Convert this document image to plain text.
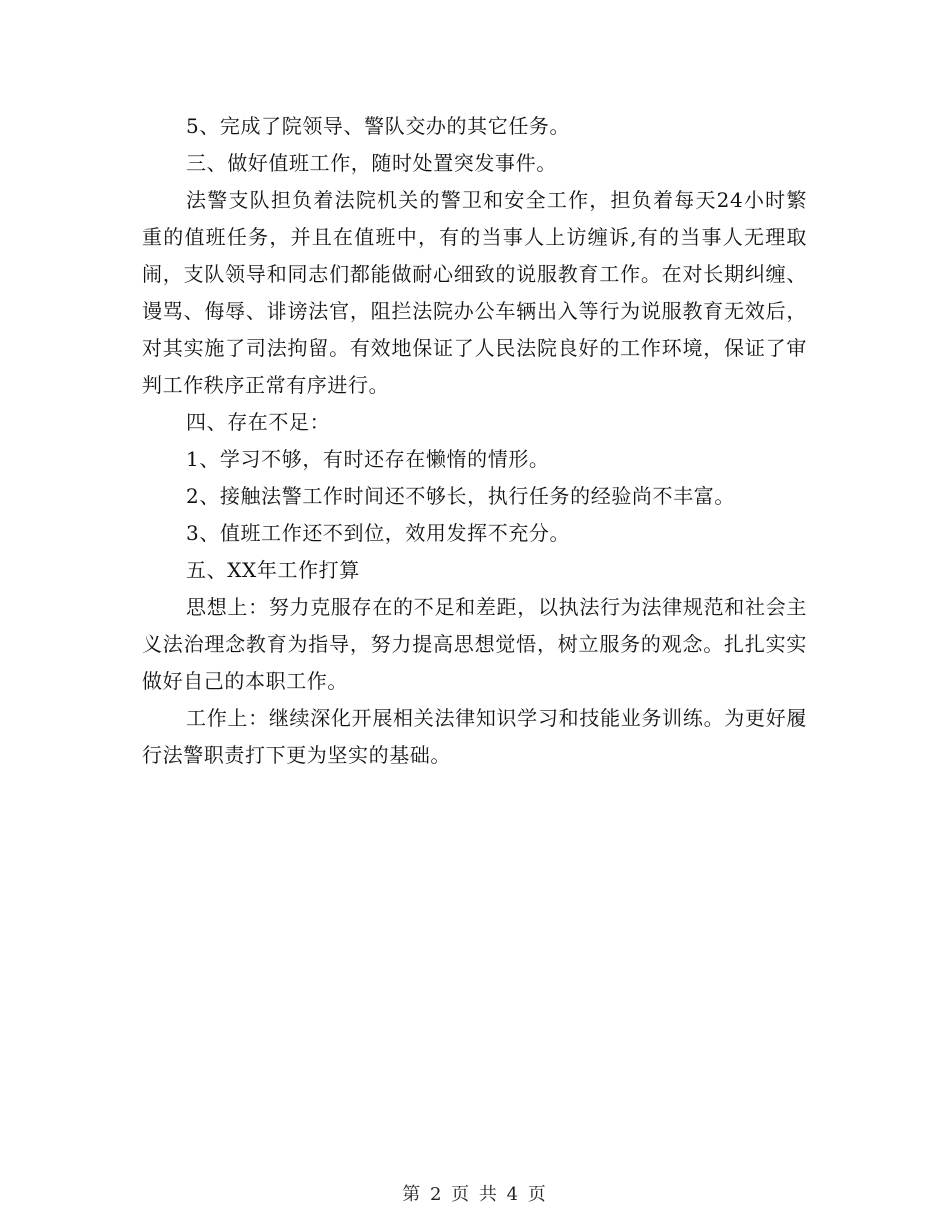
5、完成了院领导、警队交办的其它任务。

三、做好值班工作，随时处置突发事件。

法警支队担负着法院机关的警卫和安全工作，担负着每天24小时繁重的值班任务，并且在值班中，有的当事人上访缠诉,有的当事人无理取闹，支队领导和同志们都能做耐心细致的说服教育工作。在对长期纠缠、谩骂、侮辱、诽谤法官，阻拦法院办公车辆出入等行为说服教育无效后，对其实施了司法拘留。有效地保证了人民法院良好的工作环境，保证了审判工作秩序正常有序进行。

四、存在不足：

1、学习不够，有时还存在懒惰的情形。

2、接触法警工作时间还不够长，执行任务的经验尚不丰富。

3、值班工作还不到位，效用发挥不充分。

五、XX年工作打算

思想上：努力克服存在的不足和差距，以执法行为法律规范和社会主义法治理念教育为指导，努力提高思想觉悟，树立服务的观念。扎扎实实做好自己的本职工作。

工作上：继续深化开展相关法律知识学习和技能业务训练。为更好履行法警职责打下更为坚实的基础。

第 2 页 共 4 页
